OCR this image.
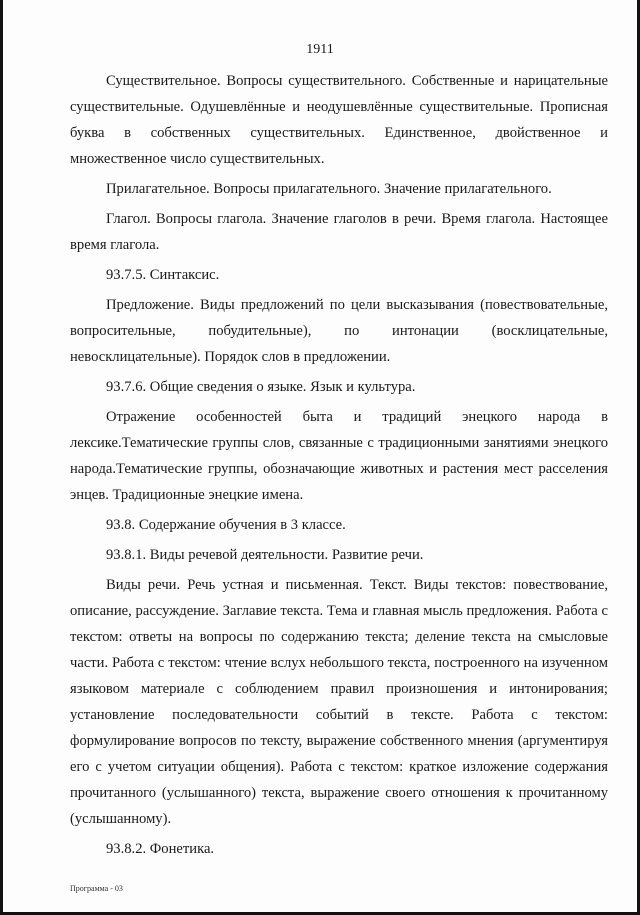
1911

Существительное. Вопросы существительного. Собственные и нарицательные существительные. Одушевлённые и неодушевлённые существительные. Прописная буква в собственных существительных. Единственное, двойственное и множественное число существительных.

Прилагательное. Вопросы прилагательного. Значение прилагательного.

Глагол. Вопросы глагола. Значение глаголов в речи. Время глагола. Настоящее время глагола.

93.7.5. Синтаксис.

Предложение. Виды предложений по цели высказывания (повествовательные, вопросительные, побудительные), по интонации (восклицательные, невосклицательные). Порядок слов в предложении.

93.7.6. Общие сведения о языке. Язык и культура.

Отражение особенностей быта и традиций энецкого народа в лексике.Тематические группы слов, связанные с традиционными занятиями энецкого народа.Тематические группы, обозначающие животных и растения мест расселения энцев. Традиционные энецкие имена.

93.8. Содержание обучения в 3 классе.

93.8.1. Виды речевой деятельности. Развитие речи.

Виды речи. Речь устная и письменная. Текст. Виды текстов: повествование, описание, рассуждение. Заглавие текста. Тема и главная мысль предложения. Работа с текстом: ответы на вопросы по содержанию текста; деление текста на смысловые части. Работа с текстом: чтение вслух небольшого текста, построенного на изученном языковом материале с соблюдением правил произношения и интонирования; установление последовательности событий в тексте. Работа с текстом: формулирование вопросов по тексту, выражение собственного мнения (аргументируя его с учетом ситуации общения). Работа с текстом: краткое изложение содержания прочитанного (услышанного) текста, выражение своего отношения к прочитанному (услышанному).

93.8.2. Фонетика.

Программа - 03
